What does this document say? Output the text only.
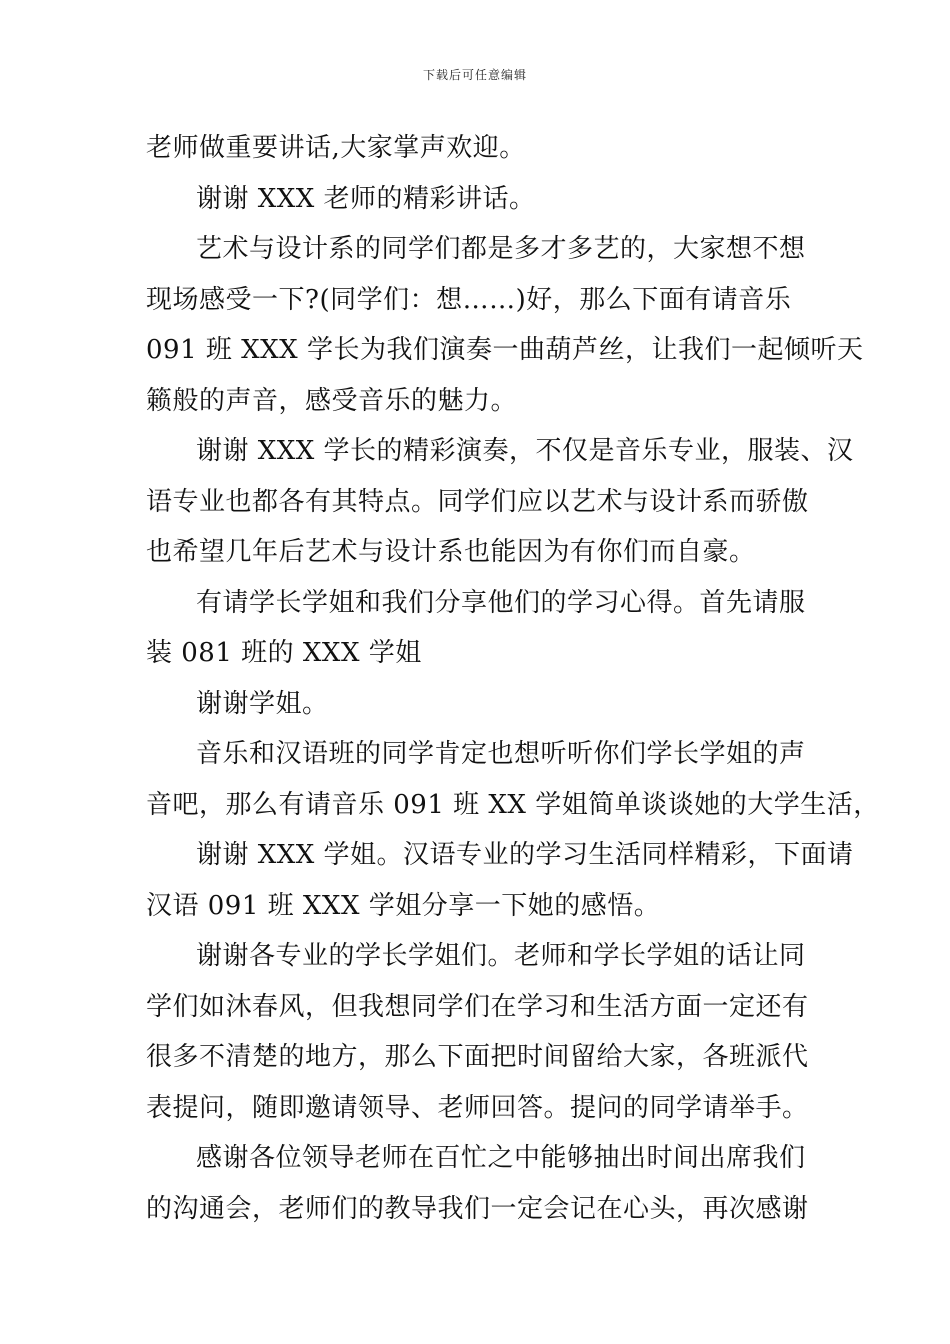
下载后可任意编辑
老师做重要讲话,大家掌声欢迎。
谢谢 XXX 老师的精彩讲话。
艺术与设计系的同学们都是多才多艺的，大家想不想
现场感受一下?(同学们：想……)好，那么下面有请音乐
091 班 XXX 学长为我们演奏一曲葫芦丝，让我们一起倾听天
籁般的声音，感受音乐的魅力。
谢谢 XXX 学长的精彩演奏，不仅是音乐专业，服装、汉
语专业也都各有其特点。同学们应以艺术与设计系而骄傲
也希望几年后艺术与设计系也能因为有你们而自豪。
有请学长学姐和我们分享他们的学习心得。首先请服
装 081 班的 XXX 学姐
谢谢学姐。
音乐和汉语班的同学肯定也想听听你们学长学姐的声
音吧，那么有请音乐 091 班 XX 学姐简单谈谈她的大学生活，
谢谢 XXX 学姐。汉语专业的学习生活同样精彩，下面请
汉语 091 班 XXX 学姐分享一下她的感悟。
谢谢各专业的学长学姐们。老师和学长学姐的话让同
学们如沐春风，但我想同学们在学习和生活方面一定还有
很多不清楚的地方，那么下面把时间留给大家，各班派代
表提问，随即邀请领导、老师回答。提问的同学请举手。
感谢各位领导老师在百忙之中能够抽出时间出席我们
的沟通会，老师们的教导我们一定会记在心头，再次感谢
